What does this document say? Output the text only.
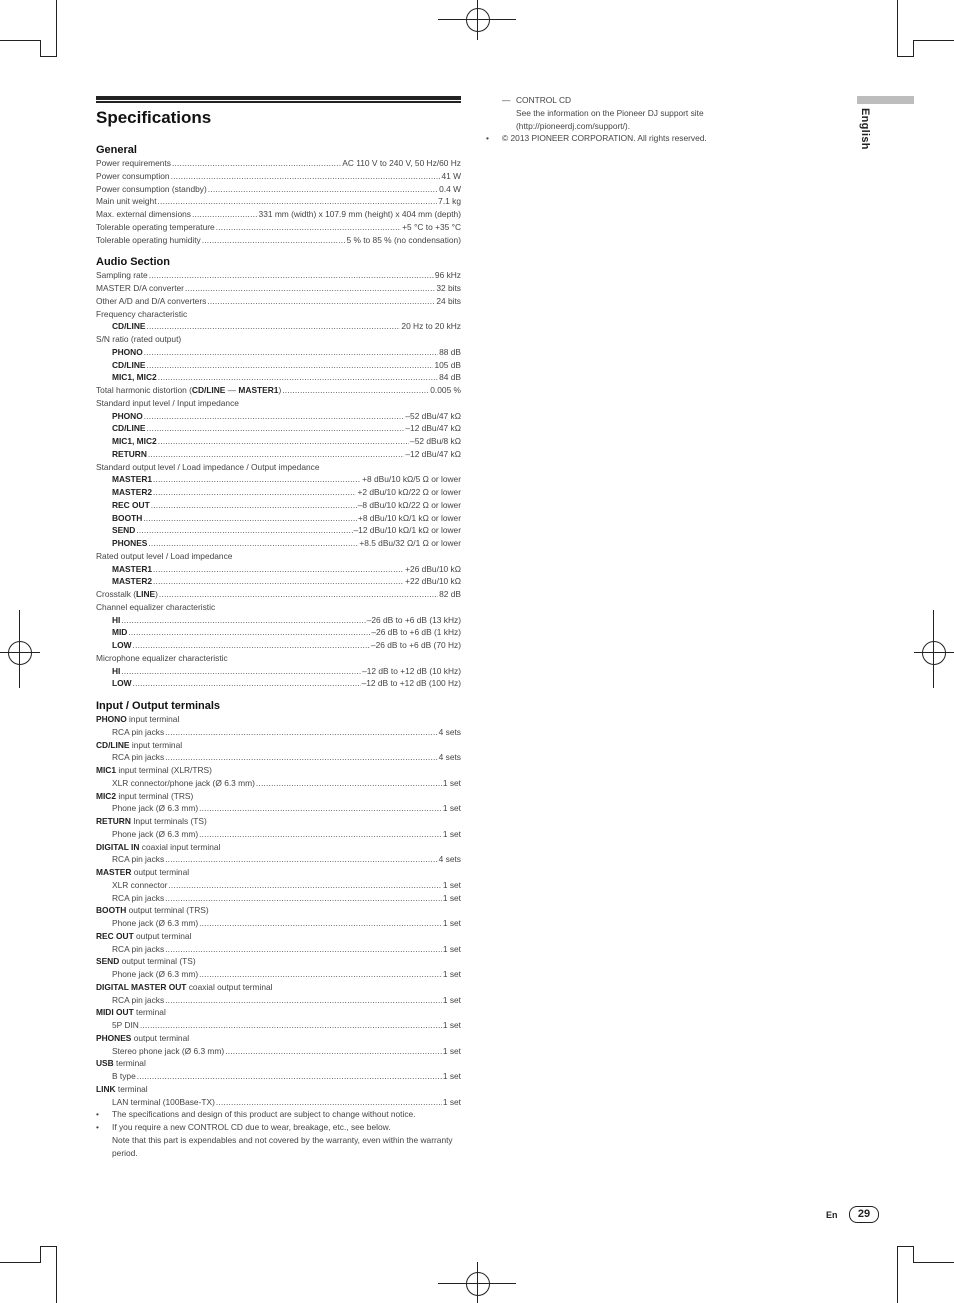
English
Specifications
General
Power requirements .....	AC 110 V to 240 V, 50 Hz/60 Hz
Power consumption .....	41 W
Power consumption (standby) .....	0.4 W
Main unit weight .....	7.1 kg
Max. external dimensions .....	331 mm (width) x 107.9 mm (height) x 404 mm (depth)
Tolerable operating temperature .....	+5 °C to +35 °C
Tolerable operating humidity .....	5 % to 85 % (no condensation)
Audio Section
Sampling rate .....	96 kHz
MASTER D/A converter .....	32 bits
Other A/D and D/A converters .....	24 bits
Frequency characteristic
CD/LINE .....	20 Hz to 20 kHz
S/N ratio (rated output)
PHONO .....	88 dB
CD/LINE .....	105 dB
MIC1, MIC2 .....	84 dB
Total harmonic distortion (CD/LINE — MASTER1) .....	0.005 %
Standard input level / Input impedance
PHONO .....	–52 dBu/47 kΩ
CD/LINE .....	–12 dBu/47 kΩ
MIC1, MIC2 .....	–52 dBu/8 kΩ
RETURN .....	–12 dBu/47 kΩ
Standard output level / Load impedance / Output impedance
MASTER1 .....	+8 dBu/10 kΩ/5 Ω or lower
MASTER2 .....	+2 dBu/10 kΩ/22 Ω or lower
REC OUT .....	–8 dBu/10 kΩ/22 Ω or lower
BOOTH .....	+8 dBu/10 kΩ/1 kΩ or lower
SEND .....	–12 dBu/10 kΩ/1 kΩ or lower
PHONES .....	+8.5 dBu/32 Ω/1 Ω or lower
Rated output level / Load impedance
MASTER1 .....	+26 dBu/10 kΩ
MASTER2 .....	+22 dBu/10 kΩ
Crosstalk (LINE) .....	82 dB
Channel equalizer characteristic
HI .....	–26 dB to +6 dB (13 kHz)
MID .....	–26 dB to +6 dB (1 kHz)
LOW .....	–26 dB to +6 dB (70 Hz)
Microphone equalizer characteristic
HI .....	–12 dB to +12 dB (10 kHz)
LOW .....	–12 dB to +12 dB (100 Hz)
Input / Output terminals
PHONO input terminal
RCA pin jacks .....	4 sets
CD/LINE input terminal
RCA pin jacks .....	4 sets
MIC1 input terminal (XLR/TRS)
XLR connector/phone jack (Ø 6.3 mm) .....	1 set
MIC2 input terminal (TRS)
Phone jack (Ø 6.3 mm) .....	1 set
RETURN Input terminals (TS)
Phone jack (Ø 6.3 mm) .....	1 set
DIGITAL IN coaxial input terminal
RCA pin jacks .....	4 sets
MASTER output terminal
XLR connector .....	1 set
RCA pin jacks .....	1 set
BOOTH output terminal (TRS)
Phone jack (Ø 6.3 mm) .....	1 set
REC OUT output terminal
RCA pin jacks .....	1 set
SEND output terminal (TS)
Phone jack (Ø 6.3 mm) .....	1 set
DIGITAL MASTER OUT coaxial output terminal
RCA pin jacks .....	1 set
MIDI OUT terminal
5P DIN .....	1 set
PHONES output terminal
Stereo phone jack (Ø 6.3 mm) .....	1 set
USB terminal
B type .....	1 set
LINK terminal
LAN terminal (100Base-TX) .....	1 set
• The specifications and design of this product are subject to change without notice.
• If you require a new CONTROL CD due to wear, breakage, etc., see below.
Note that this part is expendables and not covered by the warranty, even within the warranty period.
— CONTROL CD
See the information on the Pioneer DJ support site
(http://pioneerdj.com/support/).
• © 2013 PIONEER CORPORATION. All rights reserved.
En	29
